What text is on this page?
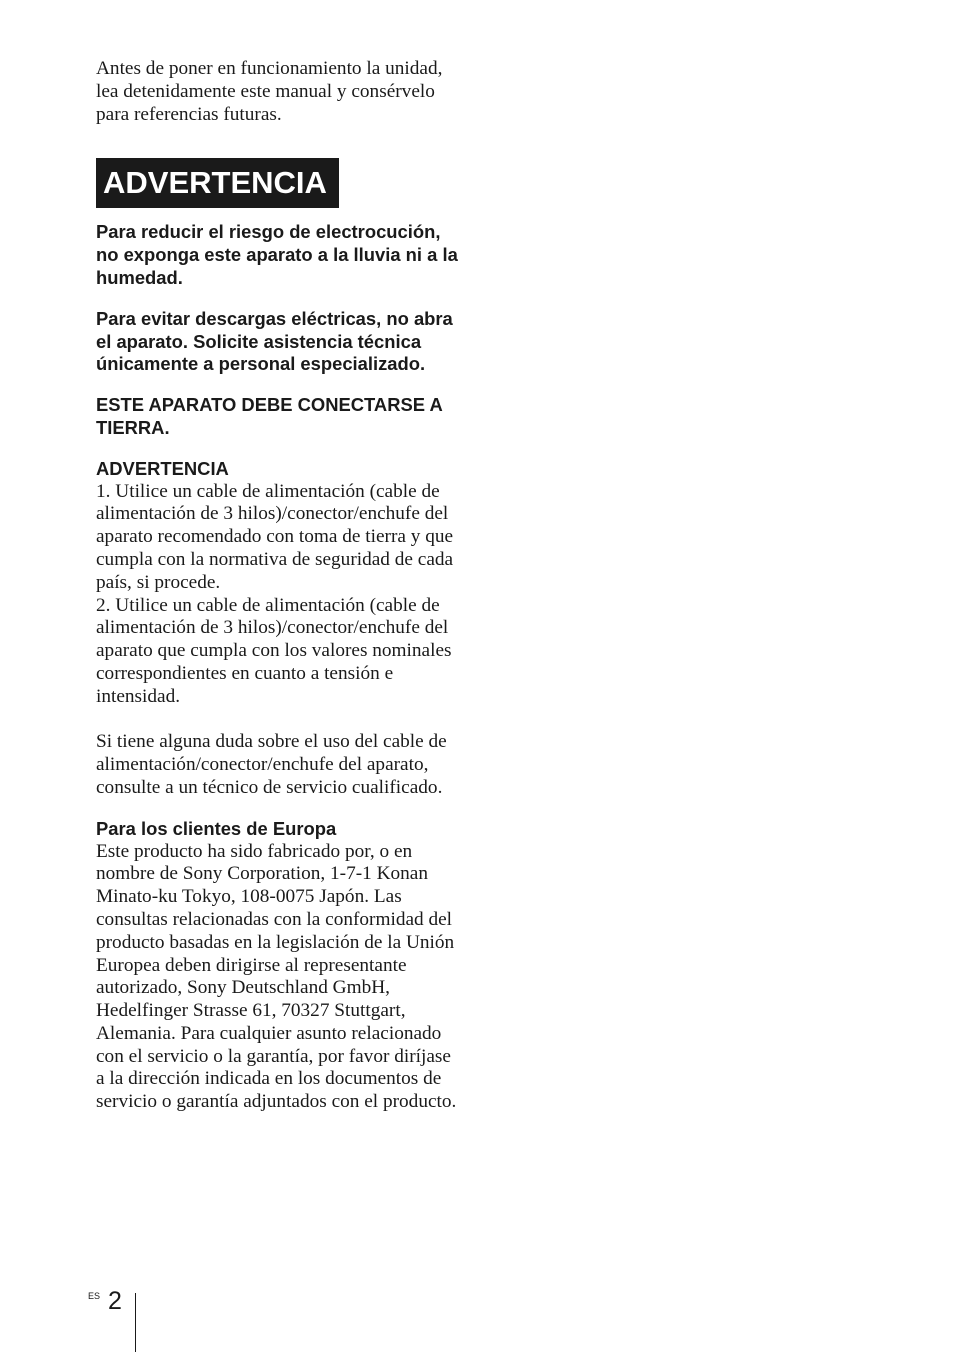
Antes de poner en funcionamiento la unidad, lea detenidamente este manual y consérvelo para referencias futuras.

ADVERTENCIA

Para reducir el riesgo de electrocución, no exponga este aparato a la lluvia ni a la humedad.

Para evitar descargas eléctricas, no abra el aparato. Solicite asistencia técnica únicamente a personal especializado.

ESTE APARATO DEBE CONECTARSE A TIERRA.

ADVERTENCIA

1. Utilice un cable de alimentación (cable de alimentación de 3 hilos)/conector/enchufe del aparato recomendado con toma de tierra y que cumpla con la normativa de seguridad de cada país, si procede.

2. Utilice un cable de alimentación (cable de alimentación de 3 hilos)/conector/enchufe del aparato que cumpla con los valores nominales correspondientes en cuanto a tensión e intensidad.

Si tiene alguna duda sobre el uso del cable de alimentación/conector/enchufe del aparato, consulte a un técnico de servicio cualificado.

Para los clientes de Europa

Este producto ha sido fabricado por, o en nombre de Sony Corporation, 1-7-1 Konan Minato-ku Tokyo, 108-0075 Japón. Las consultas relacionadas con la conformidad del producto basadas en la legislación de la Unión Europea deben dirigirse al representante autorizado, Sony Deutschland GmbH, Hedelfinger Strasse 61, 70327 Stuttgart, Alemania. Para cualquier asunto relacionado con el servicio o la garantía, por favor diríjase a la dirección indicada en los documentos de servicio o garantía adjuntados con el producto.

ES 2
